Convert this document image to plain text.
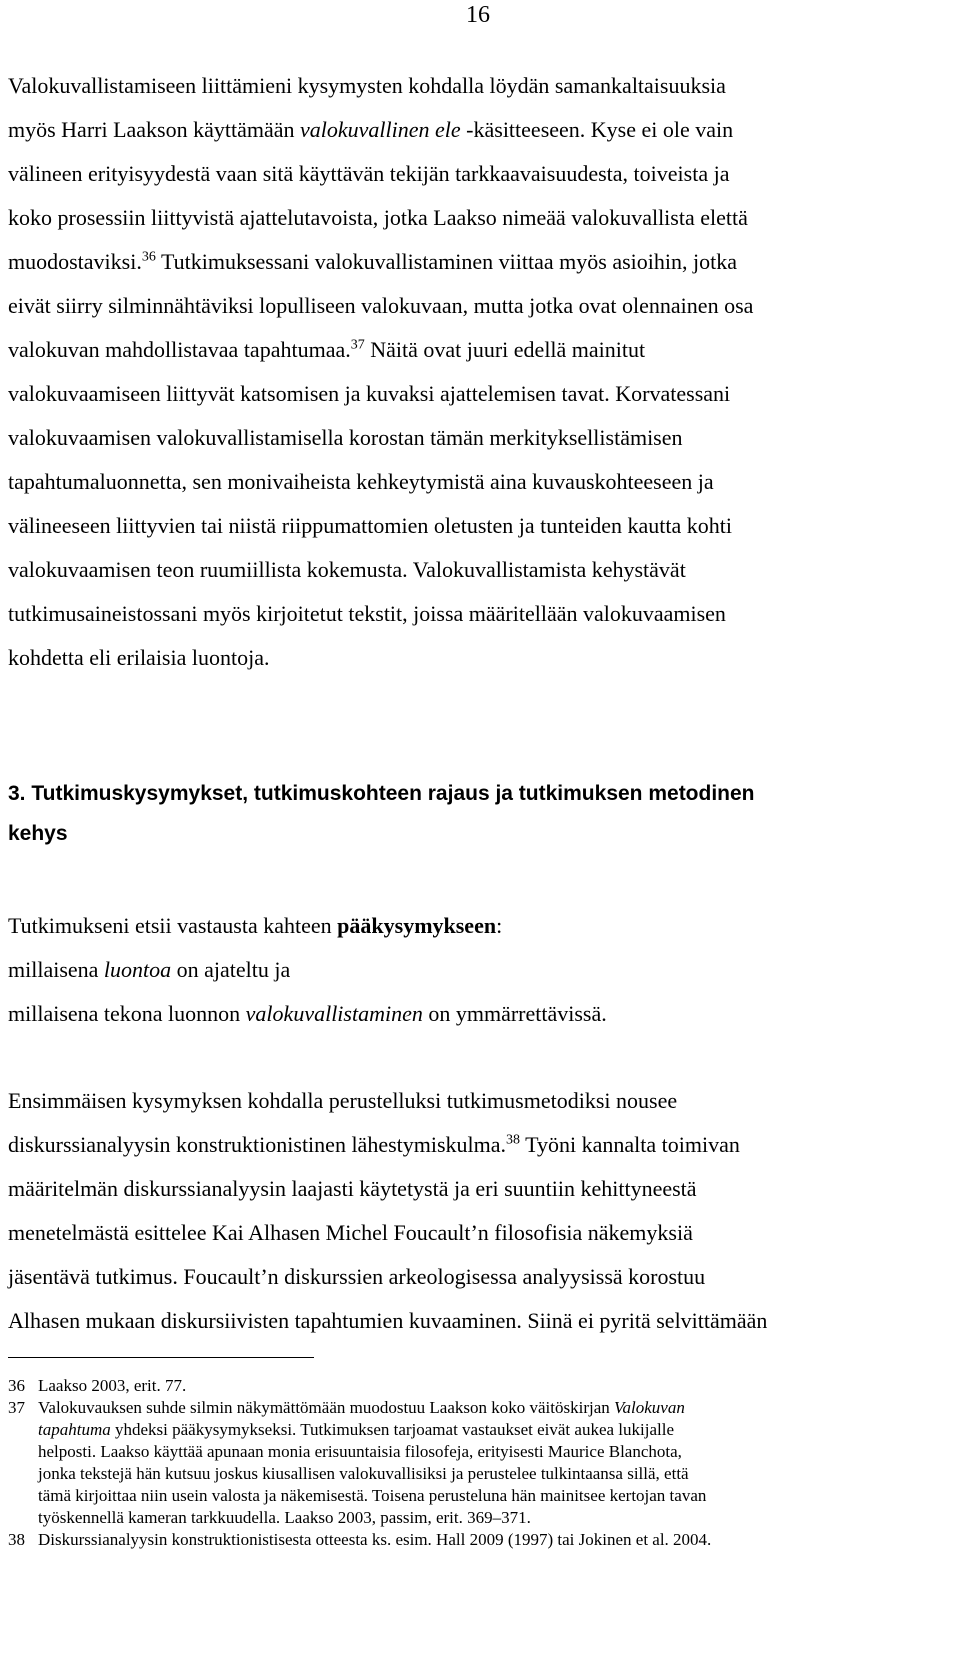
16
Valokuvallistamiseen liittämieni kysymysten kohdalla löydän samankaltaisuuksia
myös Harri Laakson käyttämään valokuvallinen ele -käsitteeseen. Kyse ei ole vain
välineen erityisyydestä vaan sitä käyttävän tekijän tarkkaavaisuudesta, toiveista ja
koko prosessiin liittyvistä ajattelutavoista, jotka Laakso nimeää valokuvallista elettä
muodostaviksi.$^{36}$ Tutkimuksessani valokuvallistaminen viittaa myös asioihin, jotka
eivät siirry silminnähtäviksi lopulliseen valokuvaan, mutta jotka ovat olennainen osa
valokuvan mahdollistavaa tapahtumaa.$^{37}$ Näitä ovat juuri edellä mainitut
valokuvaamiseen liittyvät katsomisen ja kuvaksi ajattelemisen tavat. Korvatessani
valokuvaamisen valokuvallistamisella korostan tämän merkityksellistämisen
tapahtumaluonnetta, sen monivaiheista kehkeytymistä aina kuvauskohteeseen ja
välineeseen liittyvien tai niistä riippumattomien oletusten ja tunteiden kautta kohti
valokuvaamisen teon ruumiillista kokemusta. Valokuvallistamista kehystävät
tutkimusaineistossani myös kirjoitetut tekstit, joissa määritellään valokuvaamisen
kohdetta eli erilaisia luontoja.
3. Tutkimuskysymykset, tutkimuskohteen rajaus ja tutkimuksen metodinen
kehys
Tutkimukseni etsii vastausta kahteen pääkysymykseen:
millaisena luontoa on ajateltu ja
millaisena tekona luonnon valokuvallistaminen on ymmärrettävissä.
Ensimmäisen kysymyksen kohdalla perustelluksi tutkimusmetodiksi nousee
diskurssianalyysin konstruktionistinen lähestymiskulma.$^{38}$ Työni kannalta toimivan
määritelmän diskurssianalyysin laajasti käytetystä ja eri suuntiin kehittyneestä
menetelmästä esittelee Kai Alhasen Michel Foucault’n filosofisia näkemyksiä
jäsentävä tutkimus. Foucault’n diskurssien arkeologisessa analyysissä korostuu
Alhasen mukaan diskursiivisten tapahtumien kuvaaminen. Siinä ei pyritä selvittämään
36 Laakso 2003, erit. 77.
37 Valokuvauksen suhde silmin näkymättömään muodostuu Laakson koko väitöskirjan Valokuvan
tapahtuma yhdeksi pääkysymykseksi. Tutkimuksen tarjoamat vastaukset eivät aukea lukijalle
helposti. Laakso käyttää apunaan monia erisuuntaisia filosofeja, erityisesti Maurice Blanchota,
jonka tekstejä hän kutsuu joskus kiusallisen valokuvallisiksi ja perustelee tulkintaansa sillä, että
tämä kirjoittaa niin usein valosta ja näkemisestä. Toisena perusteluna hän mainitsee kertojan tavan
työskennellä kameran tarkkuudella. Laakso 2003, passim, erit. 369–371.
38 Diskurssianalyysin konstruktionistisesta otteesta ks. esim. Hall 2009 (1997) tai Jokinen et al. 2004.
